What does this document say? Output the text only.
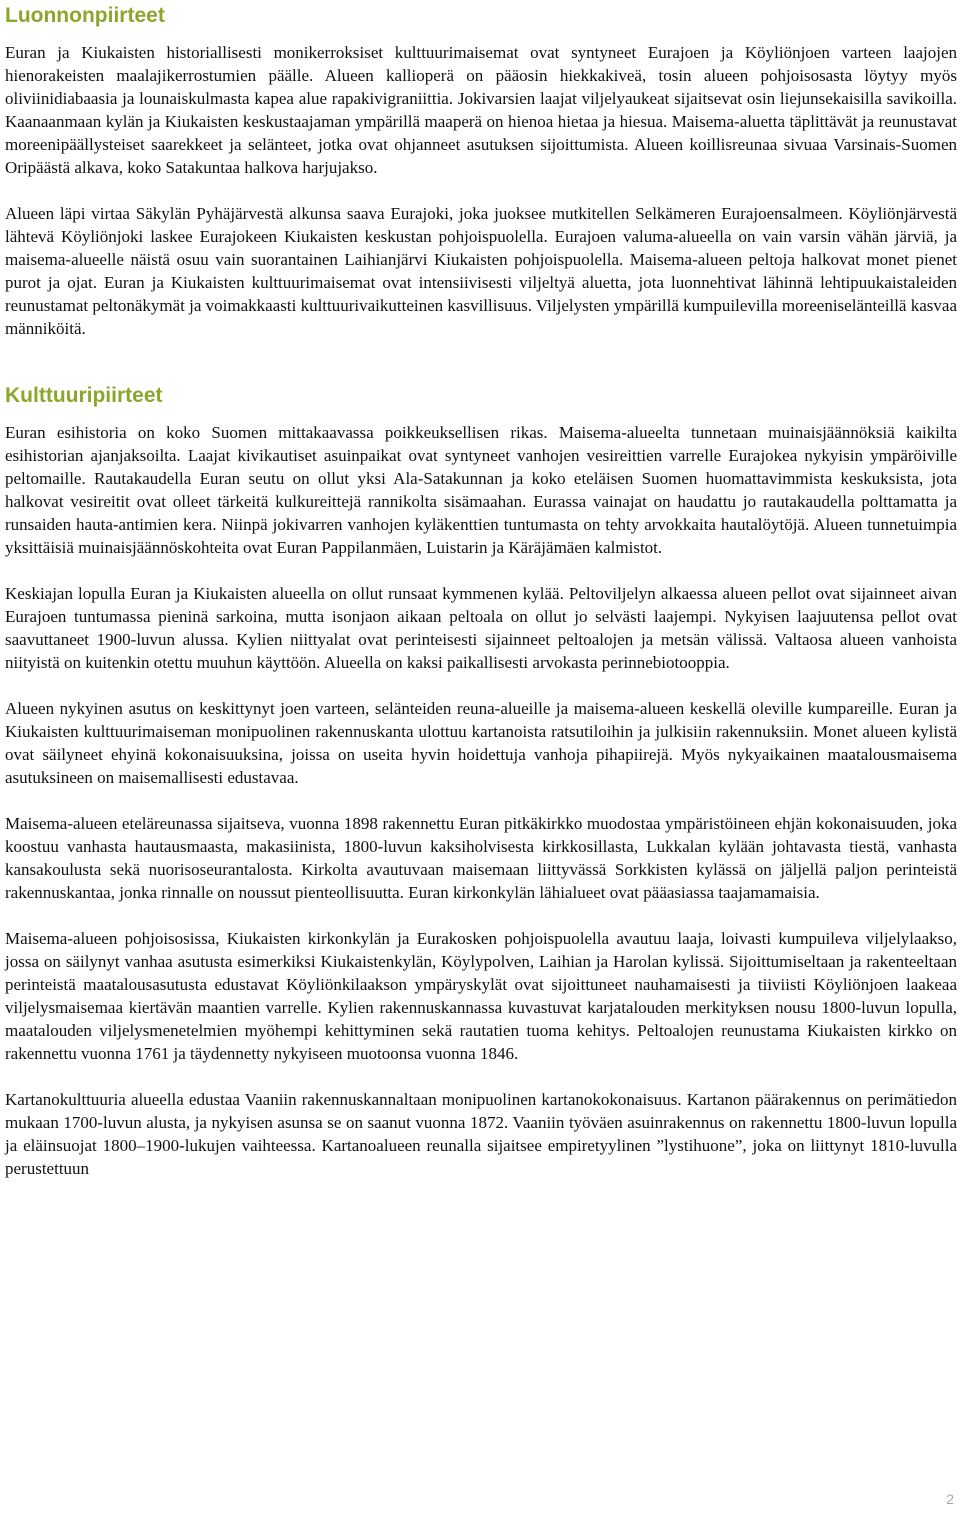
Luonnonpiirteet

Euran ja Kiukaisten historiallisesti monikerroksiset kulttuurimaisemat ovat syntyneet Eurajoen ja Köyliönjoen varteen laajojen hienorakeisten maalajikerrostumien päälle. Alueen kallioperä on pääosin hiekkakiveä, tosin alueen pohjoisosasta löytyy myös oliviinidiabaasia ja lounaiskulmasta kapea alue rapakivigraniittia. Jokivarsien laajat viljelyaukeat sijaitsevat osin liejunsekaisilla savikoilla. Kaanaanmaan kylän ja Kiukaisten keskustaajaman ympärillä maaperä on hienoa hietaa ja hiesua. Maisema-aluetta täplittävät ja reunustavat moreenipäällysteiset saarekkeet ja selänteet, jotka ovat ohjanneet asutuksen sijoittumista. Alueen koillisreunaa sivuaa Varsinais-Suomen Oripäästä alkava, koko Satakuntaa halkova harjujakso.

Alueen läpi virtaa Säkylän Pyhäjärvestä alkunsa saava Eurajoki, joka juoksee mutkitellen Selkämeren Eurajoensalmeen. Köyliönjärvestä lähtevä Köyliönjoki laskee Eurajokeen Kiukaisten keskustan pohjoispuolella. Eurajoen valuma-alueella on vain varsin vähän järviä, ja maisema-alueelle näistä osuu vain suorantainen Laihianjärvi Kiukaisten pohjoispuolella. Maisema-alueen peltoja halkovat monet pienet purot ja ojat. Euran ja Kiukaisten kulttuurimaisemat ovat intensiivisesti viljeltyä aluetta, jota luonnehtivat lähinnä lehtipuukaistaleiden reunustamat peltonäkymät ja voimakkaasti kulttuurivaikutteinen kasvillisuus. Viljelysten ympärillä kumpuilevilla moreeniselänteillä kasvaa männiköitä.

Kulttuuripiirteet

Euran esihistoria on koko Suomen mittakaavassa poikkeuksellisen rikas. Maisema-alueelta tunnetaan muinaisjäännöksiä kaikilta esihistorian ajanjaksoilta. Laajat kivikautiset asuinpaikat ovat syntyneet vanhojen vesireittien varrelle Eurajokea nykyisin ympäröiville peltomaille. Rautakaudella Euran seutu on ollut yksi Ala-Satakunnan ja koko eteläisen Suomen huomattavimmista keskuksista, jota halkovat vesireitit ovat olleet tärkeitä kulkureittejä rannikolta sisämaahan. Eurassa vainajat on haudattu jo rautakaudella polttamatta ja runsaiden hauta-antimien kera. Niinpä jokivarren vanhojen kyläkenttien tuntumasta on tehty arvokkaita hautalöytöjä. Alueen tunnetuimpia yksittäisiä muinaisjäännöskohteita ovat Euran Pappilanmäen, Luistarin ja Käräjämäen kalmistot.

Keskiajan lopulla Euran ja Kiukaisten alueella on ollut runsaat kymmenen kylää. Peltoviljelyn alkaessa alueen pellot ovat sijainneet aivan Eurajoen tuntumassa pieninä sarkoina, mutta isonjaon aikaan peltoala on ollut jo selvästi laajempi. Nykyisen laajuutensa pellot ovat saavuttaneet 1900-luvun alussa. Kylien niittyalat ovat perinteisesti sijainneet peltoalojen ja metsän välissä. Valtaosa alueen vanhoista niityistä on kuitenkin otettu muuhun käyttöön. Alueella on kaksi paikallisesti arvokasta perinnebiotooppia.

Alueen nykyinen asutus on keskittynyt joen varteen, selänteiden reuna-alueille ja maisema-alueen keskellä oleville kumpareille. Euran ja Kiukaisten kulttuurimaiseman monipuolinen rakennuskanta ulottuu kartanoista ratsutiloihin ja julkisiin rakennuksiin. Monet alueen kylistä ovat säilyneet ehyinä kokonaisuuksina, joissa on useita hyvin hoidettuja vanhoja pihapiirejä. Myös nykyaikainen maatalousmaisema asutuksineen on maisemallisesti edustavaa.

Maisema-alueen eteläreunassa sijaitseva, vuonna 1898 rakennettu Euran pitkäkirkko muodostaa ympäristöineen ehjän kokonaisuuden, joka koostuu vanhasta hautausmaasta, makasiinista, 1800-luvun kaksiholvisesta kirkkosillasta, Lukkalan kylään johtavasta tiestä, vanhasta kansakoulusta sekä nuorisoseurantalosta. Kirkolta avautuvaan maisemaan liittyvässä Sorkkisten kylässä on jäljellä paljon perinteistä rakennuskantaa, jonka rinnalle on noussut pienteollisuutta. Euran kirkonkylän lähialueet ovat pääasiassa taajamamaisia.

Maisema-alueen pohjoisosissa, Kiukaisten kirkonkylän ja Eurakosken pohjoispuolella avautuu laaja, loivasti kumpuileva viljelylaakso, jossa on säilynyt vanhaa asutusta esimerkiksi Kiukaistenkylän, Köylypolven, Laihian ja Harolan kylissä. Sijoittumiseltaan ja rakenteeltaan perinteistä maatalousasutusta edustavat Köyliönkilaakson ympäryskylät ovat sijoittuneet nauhamaisesti ja tiiviisti Köyliönjoen laakeaa viljelysmaisemaa kiertävän maantien varrelle. Kylien rakennuskannassa kuvastuvat karjatalouden merkityksen nousu 1800-luvun lopulla, maatalouden viljelysmenetelmien myöhempi kehittyminen sekä rautatien tuoma kehitys. Peltoalojen reunustama Kiukaisten kirkko on rakennettu vuonna 1761 ja täydennetty nykyiseen muotoonsa vuonna 1846.

Kartanokulttuuria alueella edustaa Vaaniin rakennuskannaltaan monipuolinen kartanokokonaisuus. Kartanon päärakennus on perimätiedon mukaan 1700-luvun alusta, ja nykyisen asunsa se on saanut vuonna 1872. Vaaniin työväen asuinrakennus on rakennettu 1800-luvun lopulla ja eläinsuojat 1800–1900-lukujen vaihteessa. Kartanoalueen reunalla sijaitsee empiretyylinen ”lystihuone”, joka on liittynyt 1810-luvulla perustettuun

2
